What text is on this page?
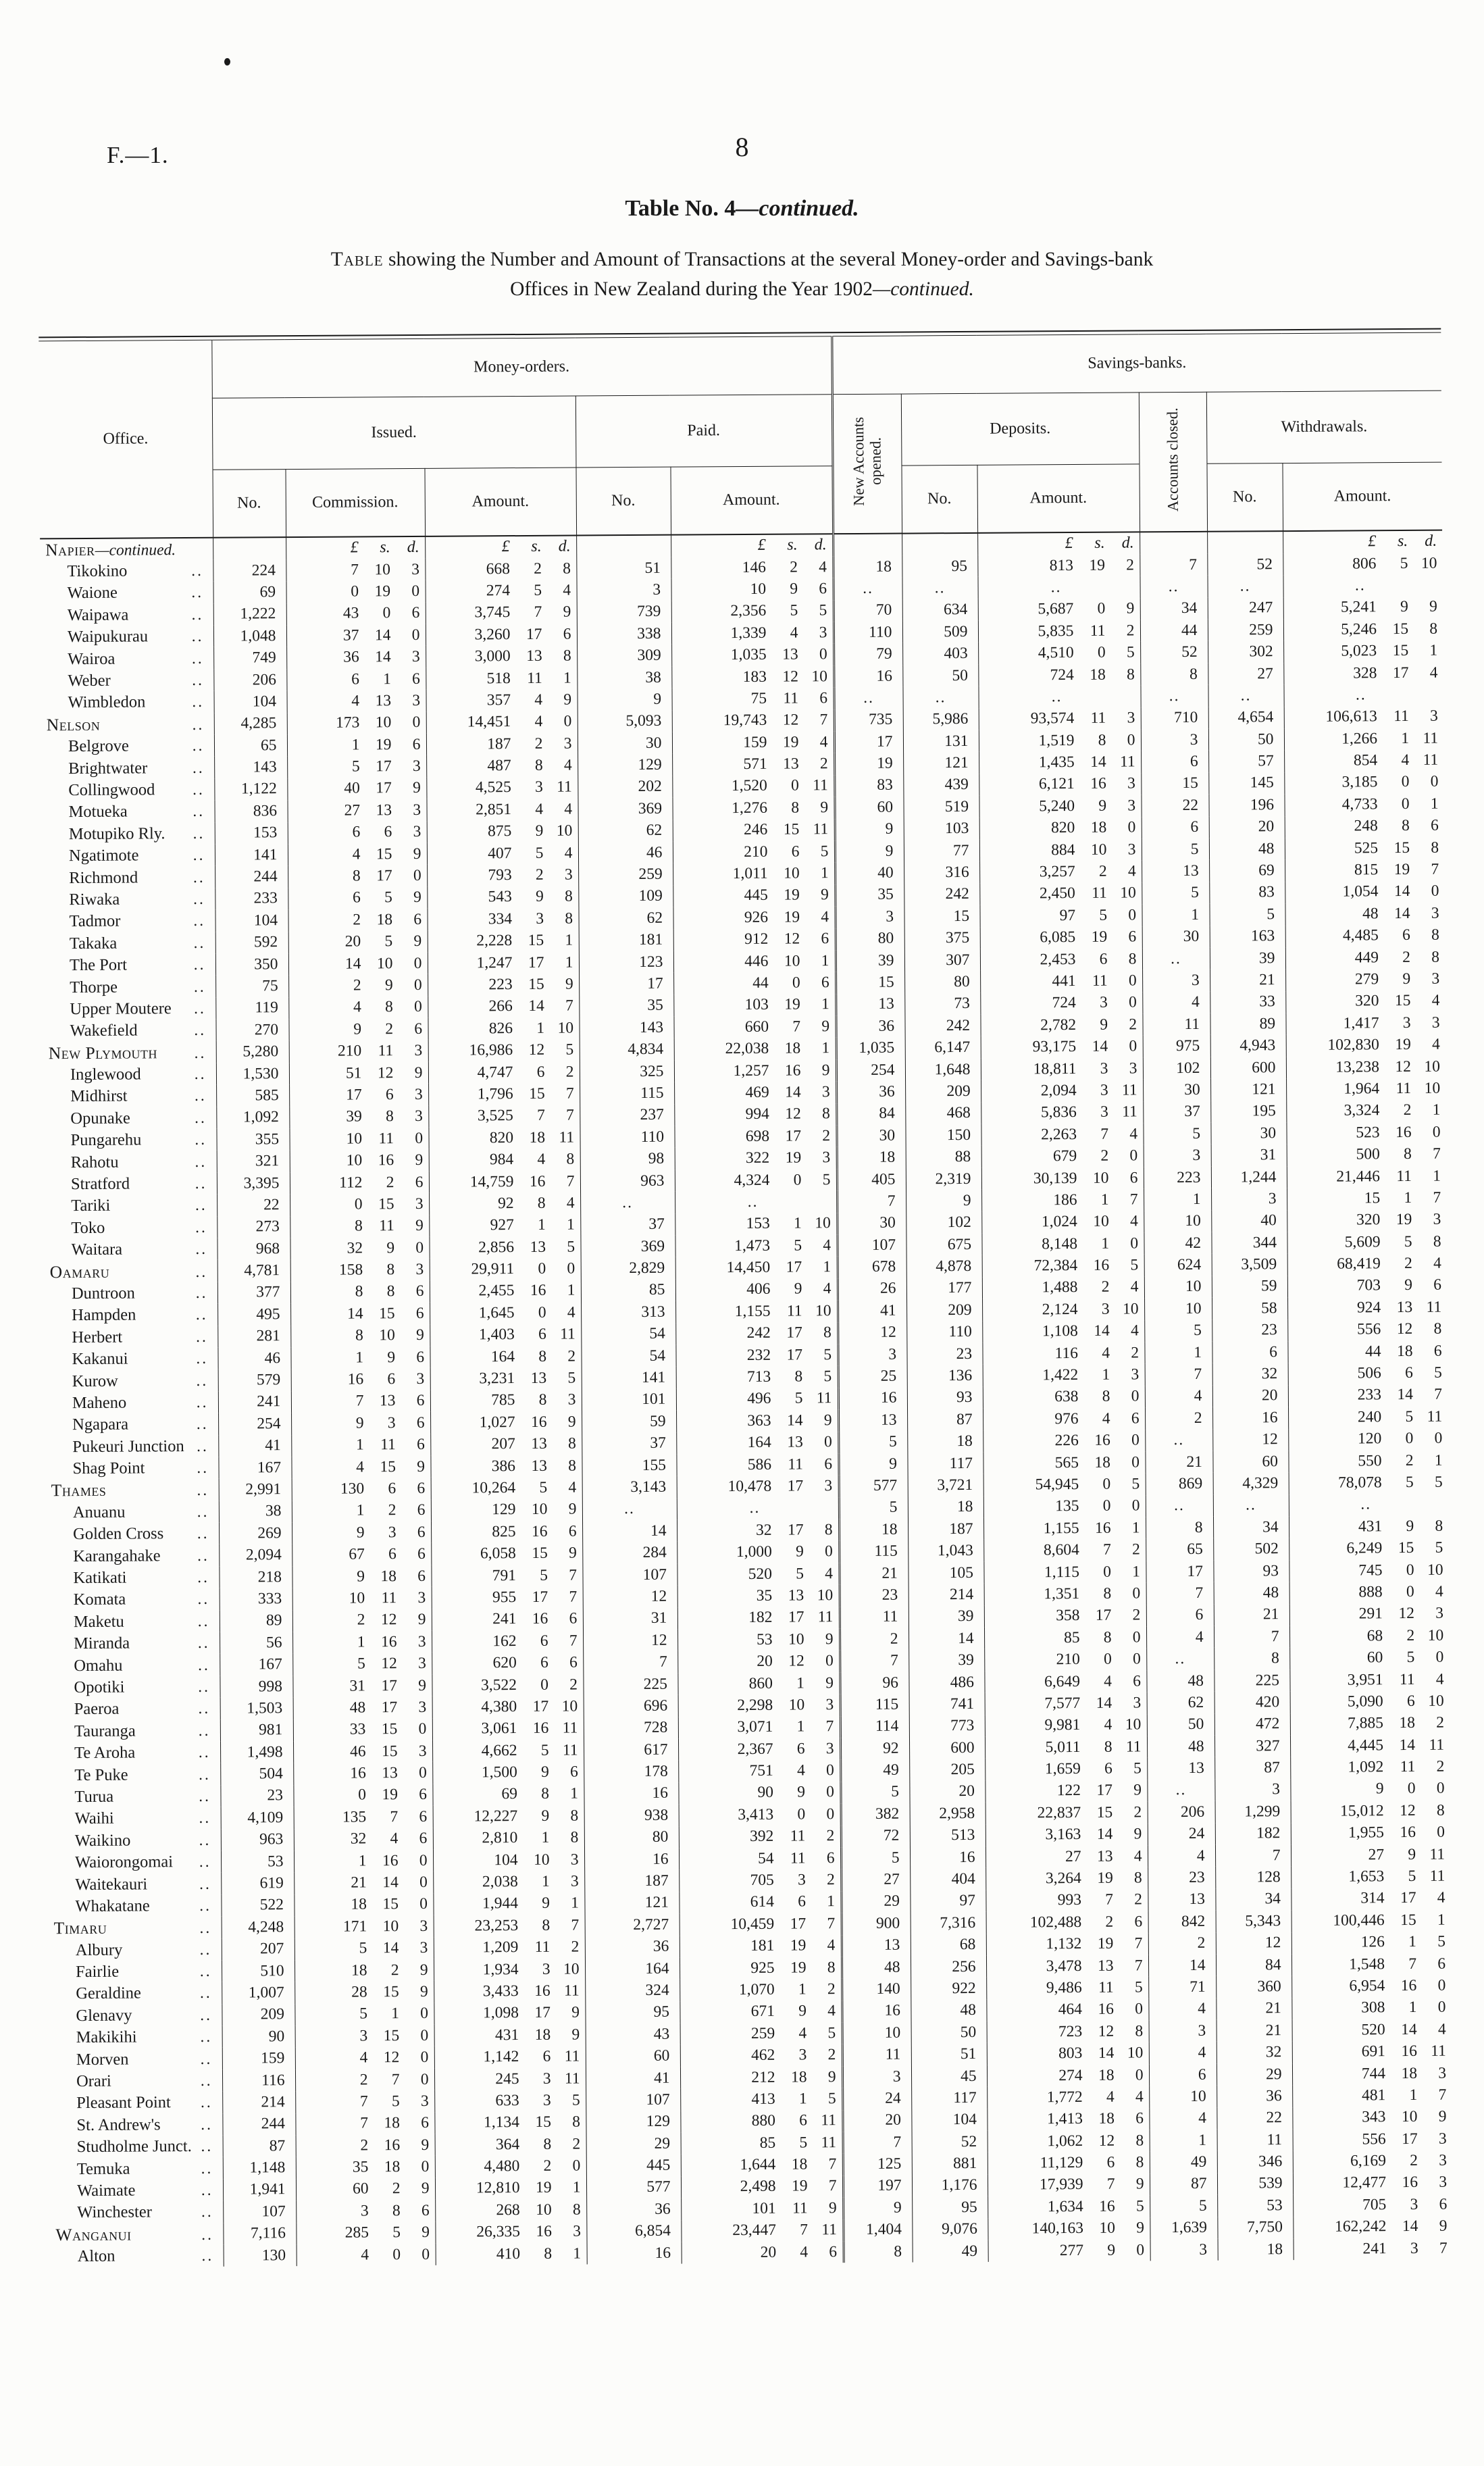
F.—1.	8
Table No. 4—continued.
Table showing the Number and Amount of Transactions at the several Money-order and Savings-bank
Offices in New Zealand during the Year 1902—continued.
Office.	Money-orders.					Savings-banks.					
	Issued.			Paid.		New Accounts opened.	Deposits.		Accounts closed.	Withdrawals.	
	No.	Commission.	Amount.	No.	Amount.		No.	Amount.		No.	Amount.

Napier —continued.		£ s. d.	£ s. d.		£ s. d.			£ s. d.			£ s. d.

Tikokino ..	224	7 10 3	668 2 8	51	146 2 4	18	95	813 19 2	7	52	806 5 10

Waione ..	69	0 19 0	274 5 4	3	10 9 6	..	..	..	..	..	..

Waipawa ..	1,222	43 0 6	3,745 7 9	739	2,356 5 5	70	634	5,687 0 9	34	247	5,241 9 9

Waipukurau ..	1,048	37 14 0	3,260 17 6	338	1,339 4 3	110	509	5,835 11 2	44	259	5,246 15 8

Wairoa ..	749	36 14 3	3,000 13 8	309	1,035 13 0	79	403	4,510 0 5	52	302	5,023 15 1

Weber ..	206	6 1 6	518 11 1	38	183 12 10	16	50	724 18 8	8	27	328 17 4

Wimbledon ..	104	4 13 3	357 4 9	9	75 11 6	..	..	..	..	..	..

Nelson ..	4,285	173 10 0	14,451 4 0	5,093	19,743 12 7	735	5,986	93,574 11 3	710	4,654	106,613 11 3

Belgrove ..	65	1 19 6	187 2 3	30	159 19 4	17	131	1,519 8 0	3	50	1,266 1 11

Brightwater ..	143	5 17 3	487 8 4	129	571 13 2	19	121	1,435 14 11	6	57	854 4 11

Collingwood ..	1,122	40 17 9	4,525 3 11	202	1,520 0 11	83	439	6,121 16 3	15	145	3,185 0 0

Motueka ..	836	27 13 3	2,851 4 4	369	1,276 8 9	60	519	5,240 9 3	22	196	4,733 0 1

Motupiko Rly. ..	153	6 6 3	875 9 10	62	246 15 11	9	103	820 18 0	6	20	248 8 6

Ngatimote ..	141	4 15 9	407 5 4	46	210 6 5	9	77	884 10 3	5	48	525 15 8

Richmond ..	244	8 17 0	793 2 3	259	1,011 10 1	40	316	3,257 2 4	13	69	815 19 7

Riwaka ..	233	6 5 9	543 9 8	109	445 19 9	35	242	2,450 11 10	5	83	1,054 14 0

Tadmor ..	104	2 18 6	334 3 8	62	926 19 4	3	15	97 5 0	1	5	48 14 3

Takaka ..	592	20 5 9	2,228 15 1	181	912 12 6	80	375	6,085 19 6	30	163	4,485 6 8

The Port ..	350	14 10 0	1,247 17 1	123	446 10 1	39	307	2,453 6 8	..	39	449 2 8

Thorpe ..	75	2 9 0	223 15 9	17	44 0 6	15	80	441 11 0	3	21	279 9 3

Upper Moutere ..	119	4 8 0	266 14 7	35	103 19 1	13	73	724 3 0	4	33	320 15 4

Wakefield ..	270	9 2 6	826 1 10	143	660 7 9	36	242	2,782 9 2	11	89	1,417 3 3

New Plymouth ..	5,280	210 11 3	16,986 12 5	4,834	22,038 18 1	1,035	6,147	93,175 14 0	975	4,943	102,830 19 4

Inglewood ..	1,530	51 12 9	4,747 6 2	325	1,257 16 9	254	1,648	18,811 3 3	102	600	13,238 12 10

Midhirst ..	585	17 6 3	1,796 15 7	115	469 14 3	36	209	2,094 3 11	30	121	1,964 11 10

Opunake ..	1,092	39 8 3	3,525 7 7	237	994 12 8	84	468	5,836 3 11	37	195	3,324 2 1

Pungarehu ..	355	10 11 0	820 18 11	110	698 17 2	30	150	2,263 7 4	5	30	523 16 0

Rahotu ..	321	10 16 9	984 4 8	98	322 19 3	18	88	679 2 0	3	31	500 8 7

Stratford ..	3,395	112 2 6	14,759 16 7	963	4,324 0 5	405	2,319	30,139 10 6	223	1,244	21,446 11 1

Tariki ..	22	0 15 3	92 8 4	..	..	7	9	186 1 7	1	3	15 1 7

Toko ..	273	8 11 9	927 1 1	37	153 1 10	30	102	1,024 10 4	10	40	320 19 3

Waitara ..	968	32 9 0	2,856 13 5	369	1,473 5 4	107	675	8,148 1 0	42	344	5,609 5 8

Oamaru ..	4,781	158 8 3	29,911 0 0	2,829	14,450 17 1	678	4,878	72,384 16 5	624	3,509	68,419 2 4

Duntroon ..	377	8 8 6	2,455 16 1	85	406 9 4	26	177	1,488 2 4	10	59	703 9 6

Hampden ..	495	14 15 6	1,645 0 4	313	1,155 11 10	41	209	2,124 3 10	10	58	924 13 11

Herbert ..	281	8 10 9	1,403 6 11	54	242 17 8	12	110	1,108 14 4	5	23	556 12 8

Kakanui ..	46	1 9 6	164 8 2	54	232 17 5	3	23	116 4 2	1	6	44 18 6

Kurow ..	579	16 6 3	3,231 13 5	141	713 8 5	25	136	1,422 1 3	7	32	506 6 5

Maheno ..	241	7 13 6	785 8 3	101	496 5 11	16	93	638 8 0	4	20	233 14 7

Ngapara ..	254	9 3 6	1,027 16 9	59	363 14 9	13	87	976 4 6	2	16	240 5 11

Pukeuri Junction ..	41	1 11 6	207 13 8	37	164 13 0	5	18	226 16 0	..	12	120 0 0

Shag Point ..	167	4 15 9	386 13 8	155	586 11 6	9	117	565 18 0	21	60	550 2 1

Thames ..	2,991	130 6 6	10,264 5 4	3,143	10,478 17 3	577	3,721	54,945 0 5	869	4,329	78,078 5 5

Anuanu ..	38	1 2 6	129 10 9	..	..	5	18	135 0 0	..	..	..

Golden Cross ..	269	9 3 6	825 16 6	14	32 17 8	18	187	1,155 16 1	8	34	431 9 8

Karangahake ..	2,094	67 6 6	6,058 15 9	284	1,000 9 0	115	1,043	8,604 7 2	65	502	6,249 15 5

Katikati ..	218	9 18 6	791 5 7	107	520 5 4	21	105	1,115 0 1	17	93	745 0 10

Komata ..	333	10 11 3	955 17 7	12	35 13 10	23	214	1,351 8 0	7	48	888 0 4

Maketu ..	89	2 12 9	241 16 6	31	182 17 11	11	39	358 17 2	6	21	291 12 3

Miranda ..	56	1 16 3	162 6 7	12	53 10 9	2	14	85 8 0	4	7	68 2 10

Omahu ..	167	5 12 3	620 6 6	7	20 12 0	7	39	210 0 0	..	8	60 5 0

Opotiki ..	998	31 17 9	3,522 0 2	225	860 1 9	96	486	6,649 4 6	48	225	3,951 11 4

Paeroa ..	1,503	48 17 3	4,380 17 10	696	2,298 10 3	115	741	7,577 14 3	62	420	5,090 6 10

Tauranga ..	981	33 15 0	3,061 16 11	728	3,071 1 7	114	773	9,981 4 10	50	472	7,885 18 2

Te Aroha ..	1,498	46 15 3	4,662 5 11	617	2,367 6 3	92	600	5,011 8 11	48	327	4,445 14 11

Te Puke ..	504	16 13 0	1,500 9 6	178	751 4 0	49	205	1,659 6 5	13	87	1,092 11 2

Turua ..	23	0 19 6	69 8 1	16	90 9 0	5	20	122 17 9	..	3	9 0 0

Waihi ..	4,109	135 7 6	12,227 9 8	938	3,413 0 0	382	2,958	22,837 15 2	206	1,299	15,012 12 8

Waikino ..	963	32 4 6	2,810 1 8	80	392 11 2	72	513	3,163 14 9	24	182	1,955 16 0

Waiorongomai ..	53	1 16 0	104 10 3	16	54 11 6	5	16	27 13 4	4	7	27 9 11

Waitekauri ..	619	21 14 0	2,038 1 3	187	705 3 2	27	404	3,264 19 8	23	128	1,653 5 11

Whakatane ..	522	18 15 0	1,944 9 1	121	614 6 1	29	97	993 7 2	13	34	314 17 4

Timaru ..	4,248	171 10 3	23,253 8 7	2,727	10,459 17 7	900	7,316	102,488 2 6	842	5,343	100,446 15 1

Albury ..	207	5 14 3	1,209 11 2	36	181 19 4	13	68	1,132 19 7	2	12	126 1 5

Fairlie ..	510	18 2 9	1,934 3 10	164	925 19 8	48	256	3,478 13 7	14	84	1,548 7 6

Geraldine ..	1,007	28 15 9	3,433 16 11	324	1,070 1 2	140	922	9,486 11 5	71	360	6,954 16 0

Glenavy ..	209	5 1 0	1,098 17 9	95	671 9 4	16	48	464 16 0	4	21	308 1 0

Makikihi ..	90	3 15 0	431 18 9	43	259 4 5	10	50	723 12 8	3	21	520 14 4

Morven ..	159	4 12 0	1,142 6 11	60	462 3 2	11	51	803 14 10	4	32	691 16 11

Orari ..	116	2 7 0	245 3 11	41	212 18 9	3	45	274 18 0	6	29	744 18 3

Pleasant Point ..	214	7 5 3	633 3 5	107	413 1 5	24	117	1,772 4 4	10	36	481 1 7

St. Andrew's ..	244	7 18 6	1,134 15 8	129	880 6 11	20	104	1,413 18 6	4	22	343 10 9

Studholme Junct. ..	87	2 16 9	364 8 2	29	85 5 11	7	52	1,062 12 8	1	11	556 17 3

Temuka ..	1,148	35 18 0	4,480 2 0	445	1,644 18 7	125	881	11,129 6 8	49	346	6,169 2 3

Waimate ..	1,941	60 2 9	12,810 19 1	577	2,498 19 7	197	1,176	17,939 7 9	87	539	12,477 16 3

Winchester ..	107	3 8 6	268 10 8	36	101 11 9	9	95	1,634 16 5	5	53	705 3 6

Wanganui ..	7,116	285 5 9	26,335 16 3	6,854	23,447 7 11	1,404	9,076	140,163 10 9	1,639	7,750	162,242 14 9

Alton ..	130	4 0 0	410 8 1	16	20 4 6	8	49	277 9 0	3	18	241 3 7
